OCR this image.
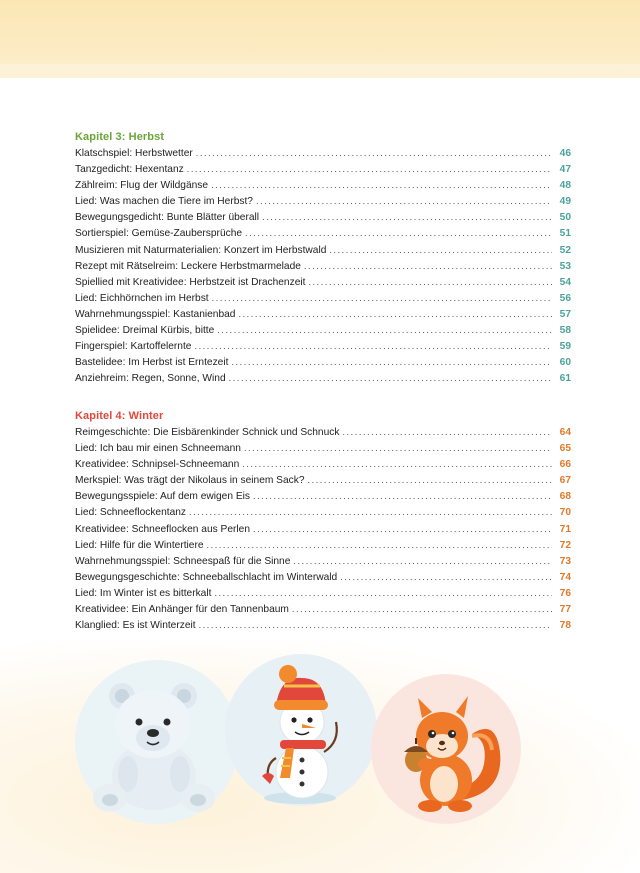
Kapitel 3: Herbst
Klatschspiel: Herbstwetter .....	46
Tanzgedicht: Hexentanz .....	47
Zählreim: Flug der Wildgänse .....	48
Lied: Was machen die Tiere im Herbst? .....	49
Bewegungsgedicht: Bunte Blätter überall .....	50
Sortierspiel: Gemüse-Zaubersprüche .....	51
Musizieren mit Naturmaterialien: Konzert im Herbstwald .....	52
Rezept mit Rätselreim: Leckere Herbstmarmelade .....	53
Spiellied mit Kreatividee: Herbstzeit ist Drachenzeit .....	54
Lied: Eichhörnchen im Herbst .....	56
Wahrnehmungsspiel: Kastanienbad .....	57
Spielidee: Dreimal Kürbis, bitte .....	58
Fingerspiel: Kartoffelernte .....	59
Bastelidee: Im Herbst ist Erntezeit .....	60
Anziehreim: Regen, Sonne, Wind .....	61
Kapitel 4: Winter
Reimgeschichte: Die Eisbärenkinder Schnick und Schnuck .....	64
Lied: Ich bau mir einen Schneemann .....	65
Kreatividee: Schnipsel-Schneemann .....	66
Merkspiel: Was trägt der Nikolaus in seinem Sack? .....	67
Bewegungsspiele: Auf dem ewigen Eis .....	68
Lied: Schneeflockentanz .....	70
Kreatividee: Schneeflocken aus Perlen .....	71
Lied: Hilfe für die Wintertiere .....	72
Wahrnehmungsspiel: Schneespaß für die Sinne .....	73
Bewegungsgeschichte: Schneeballschlacht im Winterwald .....	74
Lied: Im Winter ist es bitterkalt .....	76
Kreatividee: Ein Anhänger für den Tannenbaum .....	77
Klanglied: Es ist Winterzeit .....	78
